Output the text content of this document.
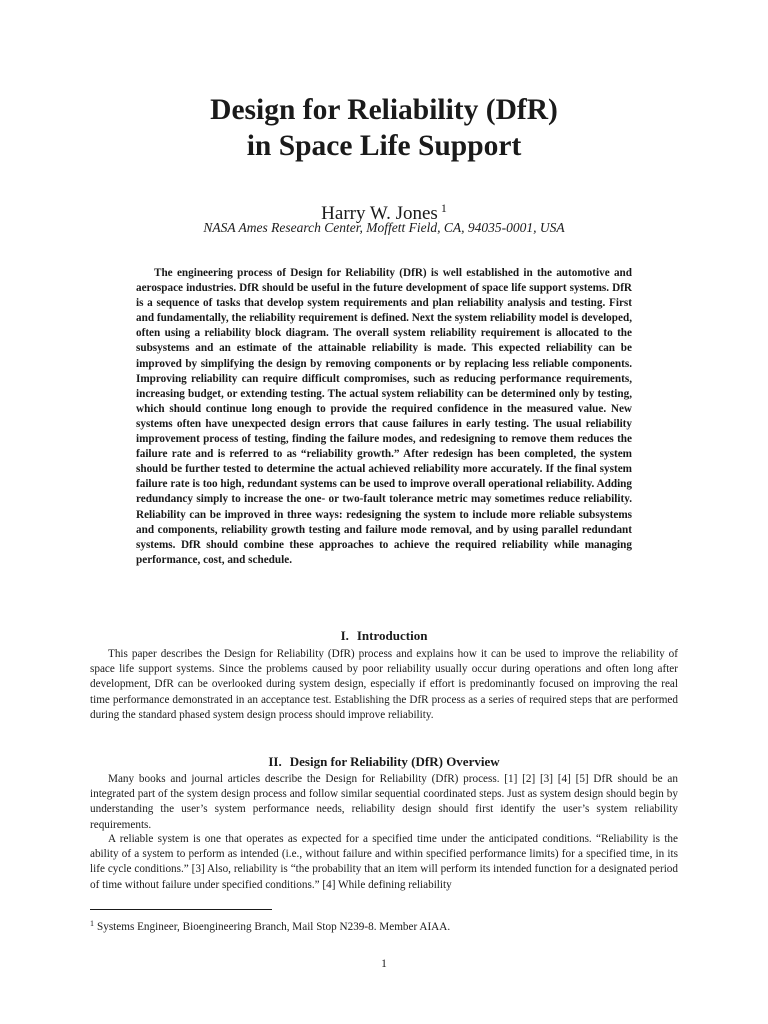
Design for Reliability (DfR)
in Space Life Support
Harry W. Jones $^1$
NASA Ames Research Center, Moffett Field, CA, 94035-0001, USA

The engineering process of Design for Reliability (DfR) is well established in the automotive and aerospace industries. DfR should be useful in the future development of space life support systems. DfR is a sequence of tasks that develop system requirements and plan reliability analysis and testing. First and fundamentally, the reliability requirement is defined. Next the system reliability model is developed, often using a reliability block diagram. The overall system reliability requirement is allocated to the subsystems and an estimate of the attainable reliability is made. This expected reliability can be improved by simplifying the design by removing components or by replacing less reliable components. Improving reliability can require difficult compromises, such as reducing performance requirements, increasing budget, or extending testing. The actual system reliability can be determined only by testing, which should continue long enough to provide the required confidence in the measured value. New systems often have unexpected design errors that cause failures in early testing. The usual reliability improvement process of testing, finding the failure modes, and redesigning to remove them reduces the failure rate and is referred to as “reliability growth.” After redesign has been completed, the system should be further tested to determine the actual achieved reliability more accurately. If the final system failure rate is too high, redundant systems can be used to improve overall operational reliability. Adding redundancy simply to increase the one- or two-fault tolerance metric may sometimes reduce reliability. Reliability can be improved in three ways: redesigning the system to include more reliable subsystems and components, reliability growth testing and failure mode removal, and by using parallel redundant systems. DfR should combine these approaches to achieve the required reliability while managing performance, cost, and schedule.

I. Introduction

This paper describes the Design for Reliability (DfR) process and explains how it can be used to improve the reliability of space life support systems. Since the problems caused by poor reliability usually occur during operations and often long after development, DfR can be overlooked during system design, especially if effort is predominantly focused on improving the real time performance demonstrated in an acceptance test. Establishing the DfR process as a series of required steps that are performed during the standard phased system design process should improve reliability.

II. Design for Reliability (DfR) Overview

Many books and journal articles describe the Design for Reliability (DfR) process. [1] [2] [3] [4] [5] DfR should be an integrated part of the system design process and follow similar sequential coordinated steps. Just as system design should begin by understanding the user’s system performance needs, reliability design should first identify the user’s system reliability requirements.

A reliable system is one that operates as expected for a specified time under the anticipated conditions. “Reliability is the ability of a system to perform as intended (i.e., without failure and within specified performance limits) for a specified time, in its life cycle conditions.” [3] Also, reliability is “the probability that an item will perform its intended function for a designated period of time without failure under specified conditions.” [4] While defining reliability

$^1$ Systems Engineer, Bioengineering Branch, Mail Stop N239-8. Member AIAA.
1
